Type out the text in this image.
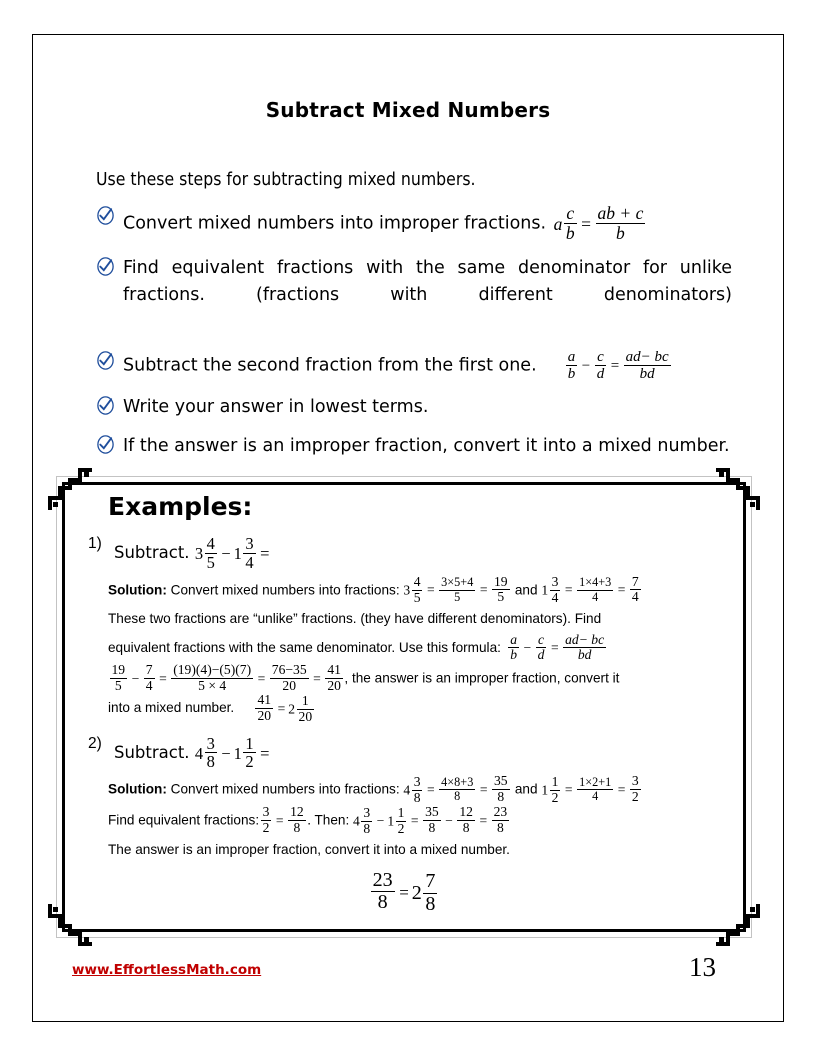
Subtract Mixed Numbers
Use these steps for subtracting mixed numbers.
Convert mixed numbers into improper fractions. a $\frac{c}{b} = \frac{ab + c}{b}$
Find equivalent fractions with the same denominator for unlike fractions. (fractions with different denominators)
Subtract the second fraction from the first one. $\frac{a}{b} - \frac{c}{d} = \frac{ad- bc}{bd}$
Write your answer in lowest terms.
If the answer is an improper fraction, convert it into a mixed number.
Examples:
1) Subtract. $3 \frac{4}{5} - 1 \frac{3}{4}$ =
Solution: Convert mixed numbers into fractions: $3 \frac{4}{5} = \frac{3\times 5+4}{5} = \frac{19}{5}$ and $1 \frac{3}{4} = \frac{1\times 4+3}{4} = \frac{7}{4}$
These two fractions are “unlike” fractions. (they have different denominators). Find
equivalent fractions with the same denominator. Use this formula: $\frac{a}{b} - \frac{c}{d} = \frac{ad- bc}{bd}$
$\frac{19}{5} - \frac{7}{4} = \frac{(19)(4)-(5)(7)}{5 \times 4} = \frac{76-35}{20} = \frac{41}{20}$ , the answer is an improper fraction, convert it
into a mixed number. $\frac{41}{20} = 2 \frac{1}{20}$
2) Subtract. $4 \frac{3}{8} - 1 \frac{1}{2}$ =
Solution: Convert mixed numbers into fractions: $4 \frac{3}{8} = \frac{4\times 8+3}{8} = \frac{35}{8}$ and $1 \frac{1}{2} = \frac{1\times 2+1}{4} = \frac{3}{2}$
Find equivalent fractions: $\frac{3}{2} = \frac{12}{8}$ . Then: $4 \frac{3}{8} - 1 \frac{1}{2} = \frac{35}{8} - \frac{12}{8} = \frac{23}{8}$
The answer is an improper fraction, convert it into a mixed number.
$\frac{23}{8} = 2 \frac{7}{8}$
www.EffortlessMath.com	13
